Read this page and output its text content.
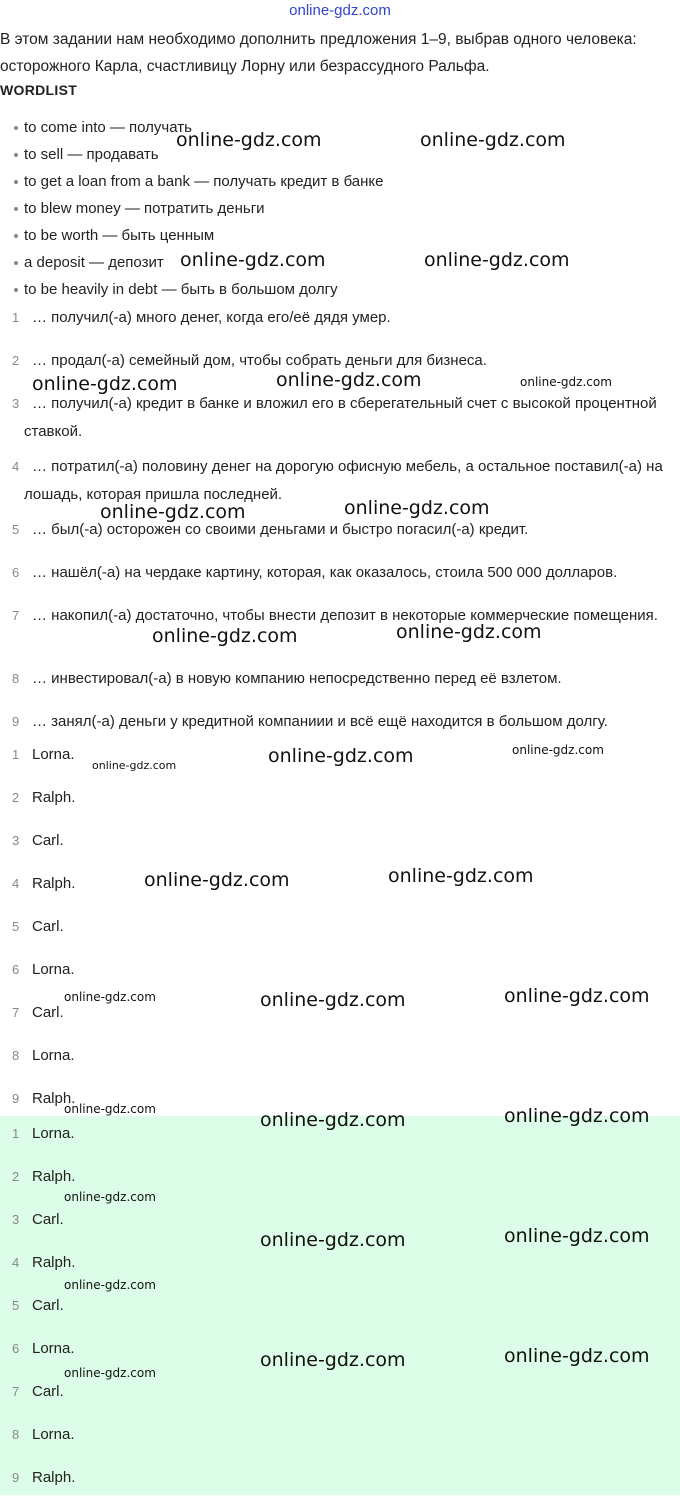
online-gdz.com
В этом задании нам необходимо дополнить предложения 1–9, выбрав одного человека: осторожного Карла, счастливицу Лорну или безрассудного Ральфа.
WORDLIST
to come into — получать
to sell — продавать
to get a loan from a bank — получать кредит в банке
to blew money — потратить деньги
to be worth — быть ценным
a deposit — депозит
to be heavily in debt — быть в большом долгу
1 … получил(-а) много денег, когда его/её дядя умер.
2 … продал(-а) семейный дом, чтобы собрать деньги для бизнеса.
3 … получил(-а) кредит в банке и вложил его в сберегательный счет с высокой процентной ставкой.
4 … потратил(-а) половину денег на дорогую офисную мебель, а остальное поставил(-а) на лошадь, которая пришла последней.
5 … был(-а) осторожен со своими деньгами и быстро погасил(-а) кредит.
6 … нашёл(-а) на чердаке картину, которая, как оказалось, стоила 500 000 долларов.
7 … накопил(-а) достаточно, чтобы внести депозит в некоторые коммерческие помещения.
8 … инвестировал(-а) в новую компанию непосредственно перед её взлетом.
9 … занял(-а) деньги у кредитной компаниии и всё ещё находится в большом долгу.
1 Lorna.
2 Ralph.
3 Carl.
4 Ralph.
5 Carl.
6 Lorna.
7 Carl.
8 Lorna.
9 Ralph.
1 Lorna.
2 Ralph.
3 Carl.
4 Ralph.
5 Carl.
6 Lorna.
7 Carl.
8 Lorna.
9 Ralph.
online-gdz.com	online-gdz.com
online-gdz.com	online-gdz.com
online-gdz.com	online-gdz.com	online-gdz.com
online-gdz.com	online-gdz.com
online-gdz.com	online-gdz.com
online-gdz.com	online-gdz.com
online-gdz.com
online-gdz.com	online-gdz.com
online-gdz.com	online-gdz.com	online-gdz.com
online-gdz.com	online-gdz.com	online-gdz.com
online-gdz.com
online-gdz.com	online-gdz.com
online-gdz.com
online-gdz.com	online-gdz.com
online-gdz.com
